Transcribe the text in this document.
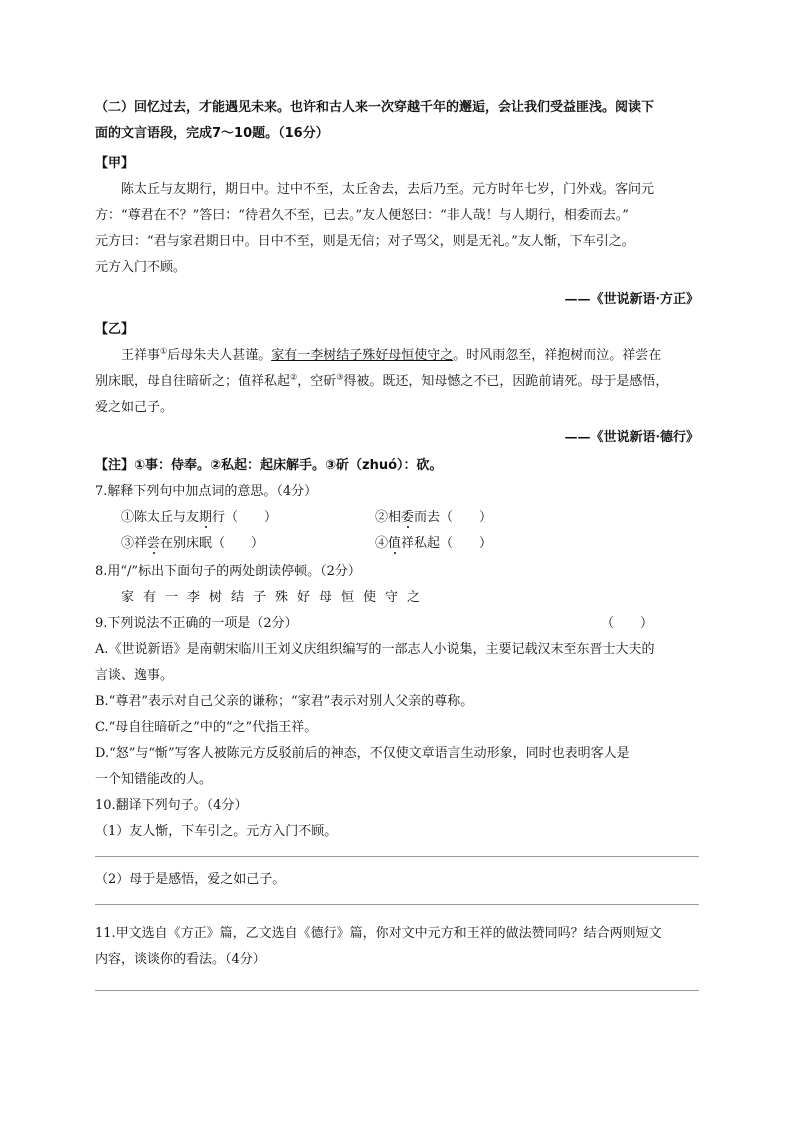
（二）回忆过去，才能遇见未来。也许和古人来一次穿越千年的邂逅，会让我们受益匪浅。阅读下
面的文言语段，完成7～10题。（16分）
【甲】
陈太丘与友期行，期日中。过中不至，太丘舍去，去后乃至。元方时年七岁，门外戏。客问元
方：“尊君在不？”答曰：“待君久不至，已去。”友人便怒曰：“非人哉！与人期行，相委而去。”
元方曰：“君与家君期日中。日中不至，则是无信；对子骂父，则是无礼。”友人惭，下车引之。
元方入门不顾。
——《世说新语·方正》
【乙】
王祥事①后母朱夫人甚谨。家有一李树结子殊好母恒使守之。时风雨忽至，祥抱树而泣。祥尝在
别床眠，母自往暗斫之；值祥私起②，空斫③得被。既还，知母憾之不已，因跪前请死。母于是感悟，
爱之如己子。
——《世说新语·德行》
【注】①事：侍奉。②私起：起床解手。③斫（zhuó）：砍。
7.解释下列句中加点词的意思。（4分）
①陈太丘与友期行（　　）	②相委而去（　　）
③祥尝在别床眠（　　）	④值祥私起（　　）
8.用“/”标出下面句子的两处朗读停顿。（2分）
家有一李树结子殊好母恒使守之
9.下列说法不正确的一项是（2分）	（　　）
A.《世说新语》是南朝宋临川王刘义庆组织编写的一部志人小说集，主要记载汉末至东晋士大夫的
言谈、逸事。
B.“尊君”表示对自己父亲的谦称；“家君”表示对别人父亲的尊称。
C.“母自往暗斫之”中的“之”代指王祥。
D.“怒”与“惭”写客人被陈元方反驳前后的神态，不仅使文章语言生动形象，同时也表明客人是
一个知错能改的人。
10.翻译下列句子。（4分）
（1）友人惭，下车引之。元方入门不顾。
（2）母于是感悟，爱之如己子。
11.甲文选自《方正》篇，乙文选自《德行》篇，你对文中元方和王祥的做法赞同吗？结合两则短文
内容，谈谈你的看法。（4分）
